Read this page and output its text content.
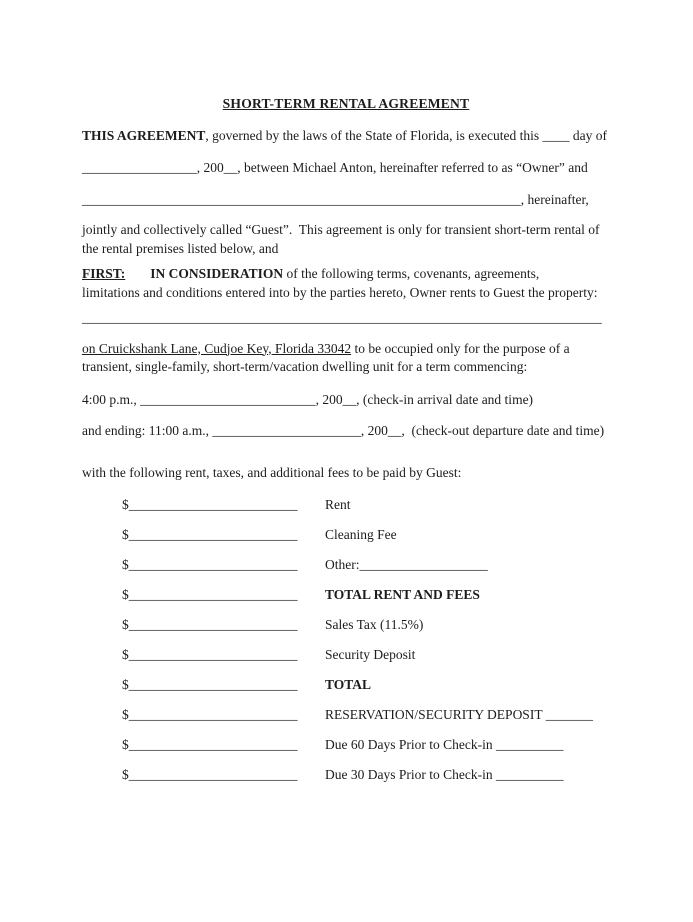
SHORT-TERM RENTAL AGREEMENT
THIS AGREEMENT, governed by the laws of the State of Florida, is executed this ____ day of
_________________, 200__, between Michael Anton, hereinafter referred to as “Owner” and
_________________________________________________________________, hereinafter,
jointly and collectively called “Guest”.  This agreement is only for transient short-term rental of
the rental premises listed below, and
FIRST: IN CONSIDERATION of the following terms, covenants, agreements,
limitations and conditions entered into by the parties hereto, Owner rents to Guest the property:
_____________________________________________________________________________
on Cruickshank Lane, Cudjoe Key, Florida 33042 to be occupied only for the purpose of a
transient, single-family, short-term/vacation dwelling unit for a term commencing:
4:00 p.m., __________________________, 200__, (check-in arrival date and time)
and ending: 11:00 a.m., ______________________, 200__,  (check-out departure date and time)
with the following rent, taxes, and additional fees to be paid by Guest:
$_________________________	Rent
$_________________________	Cleaning Fee
$_________________________	Other:___________________
$_________________________	TOTAL RENT AND FEES
$_________________________	Sales Tax (11.5%)
$_________________________	Security Deposit
$_________________________	TOTAL
$_________________________	RESERVATION/SECURITY DEPOSIT _______
$_________________________	Due 60 Days Prior to Check-in __________
$_________________________	Due 30 Days Prior to Check-in __________
